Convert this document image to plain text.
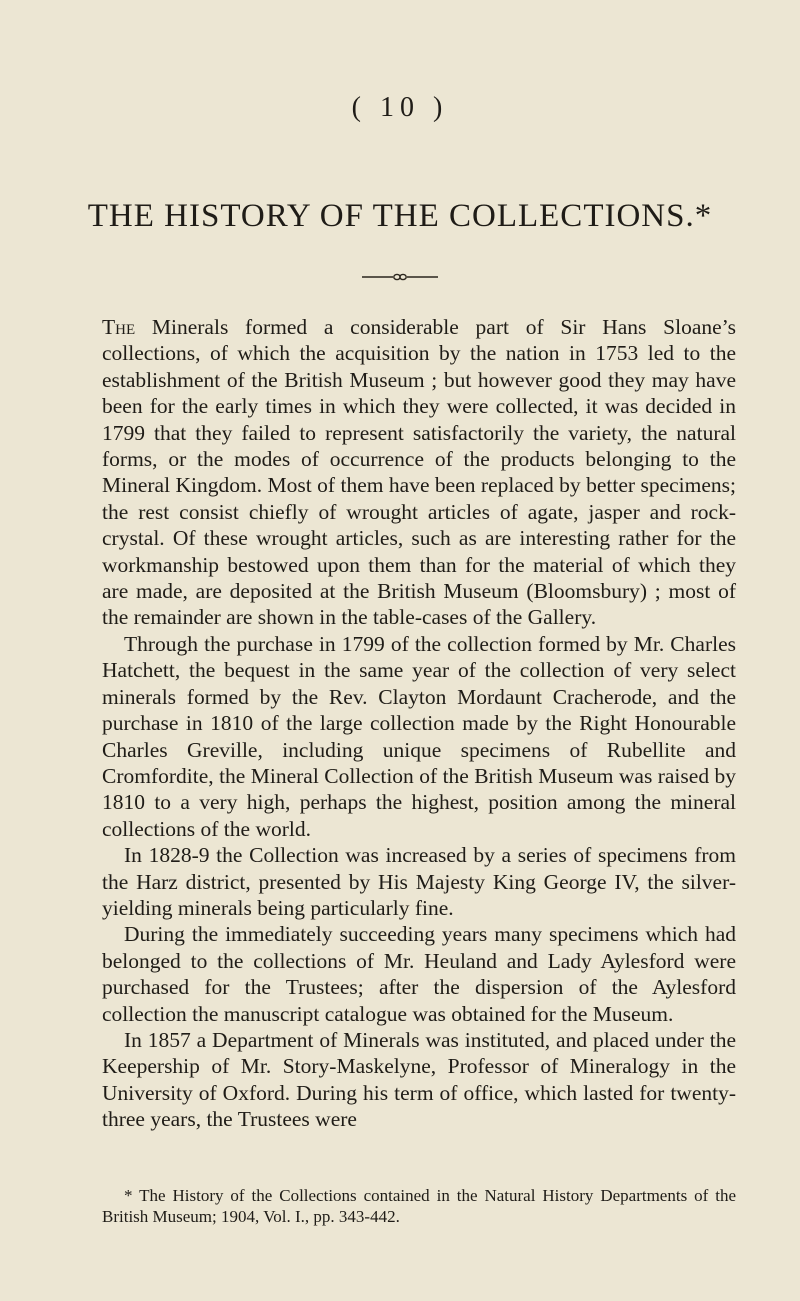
( 10 )
THE HISTORY OF THE COLLECTIONS.*

The Minerals formed a considerable part of Sir Hans Sloane’s collections, of which the acquisition by the nation in 1753 led to the establishment of the British Museum ; but however good they may have been for the early times in which they were collected, it was decided in 1799 that they failed to represent satisfactorily the variety, the natural forms, or the modes of occurrence of the products belonging to the Mineral Kingdom. Most of them have been replaced by better specimens; the rest consist chiefly of wrought articles of agate, jasper and rock-crystal. Of these wrought articles, such as are interesting rather for the workmanship bestowed upon them than for the material of which they are made, are deposited at the British Museum (Bloomsbury) ; most of the remainder are shown in the table-cases of the Gallery.

Through the purchase in 1799 of the collection formed by Mr. Charles Hatchett, the bequest in the same year of the collection of very select minerals formed by the Rev. Clayton Mordaunt Cracherode, and the purchase in 1810 of the large collection made by the Right Honourable Charles Greville, including unique specimens of Rubellite and Cromfordite, the Mineral Collection of the British Museum was raised by 1810 to a very high, perhaps the highest, position among the mineral collections of the world.

In 1828-9 the Collection was increased by a series of specimens from the Harz district, presented by His Majesty King George IV, the silver-yielding minerals being particularly fine.

During the immediately succeeding years many specimens which had belonged to the collections of Mr. Heuland and Lady Aylesford were purchased for the Trustees; after the dispersion of the Aylesford collection the manuscript catalogue was obtained for the Museum.

In 1857 a Department of Minerals was instituted, and placed under the Keepership of Mr. Story-Maskelyne, Professor of Mineralogy in the University of Oxford. During his term of office, which lasted for twenty-three years, the Trustees were

* The History of the Collections contained in the Natural History Departments of the British Museum; 1904, Vol. I., pp. 343-442.
